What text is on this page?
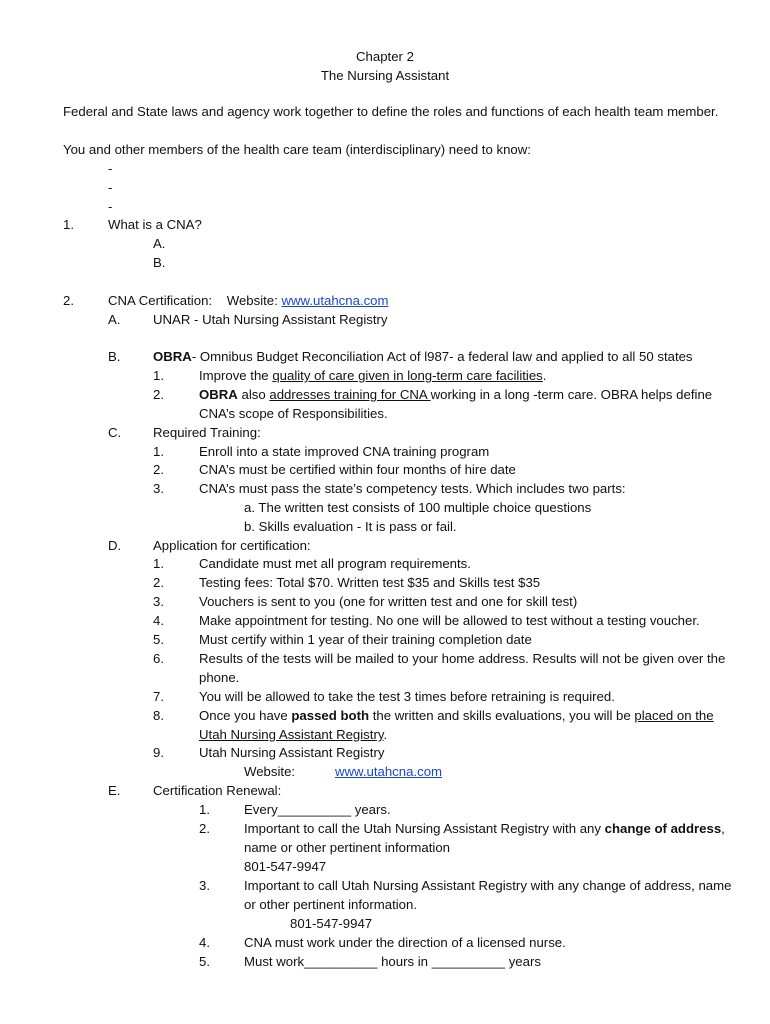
Chapter 2
The Nursing Assistant
Federal and State laws and agency work together to define the roles and functions of each health team member.
You and other members of the health care team (interdisciplinary) need to know:
-
-
-
1.	What is a CNA?
A.
B.
2.	CNA Certification: Website: www.utahcna.com
A. UNAR - Utah Nursing Assistant Registry
B. OBRA- Omnibus Budget Reconciliation Act of l987- a federal law and applied to all 50 states
1.	Improve the quality of care given in long-term care facilities.
2.	OBRA also addresses training for CNA working in a long -term care. OBRA helps define
CNA’s scope of Responsibilities.
C. Required Training:
1.	Enroll into a state improved CNA training program
2.	CNA’s must be certified within four months of hire date
3.	CNA’s must pass the state’s competency tests. Which includes two parts:
a. The written test consists of 100 multiple choice questions
b. Skills evaluation - It is pass or fail.
D. Application for certification:
1.	Candidate must met all program requirements.
2.	Testing fees: Total $70. Written test $35 and Skills test $35
3.	Vouchers is sent to you (one for written test and one for skill test)
4.	Make appointment for testing. No one will be allowed to test without a testing voucher.
5.	Must certify within 1 year of their training completion date
6.	Results of the tests will be mailed to your home address. Results will not be given over the
phone.
7.	You will be allowed to take the test 3 times before retraining is required.
8.	Once you have passed both the written and skills evaluations, you will be placed on the
Utah Nursing Assistant Registry.
9.	Utah Nursing Assistant Registry
Website:	www.utahcna.com
E. Certification Renewal:
1.	Every__________ years.
2.	Important to call the Utah Nursing Assistant Registry with any change of address,
name or other pertinent information
801-547-9947
3.	Important to call Utah Nursing Assistant Registry with any change of address, name
or other pertinent information.
801-547-9947
4.	CNA must work under the direction of a licensed nurse.
5.	Must work__________ hours in __________ years
